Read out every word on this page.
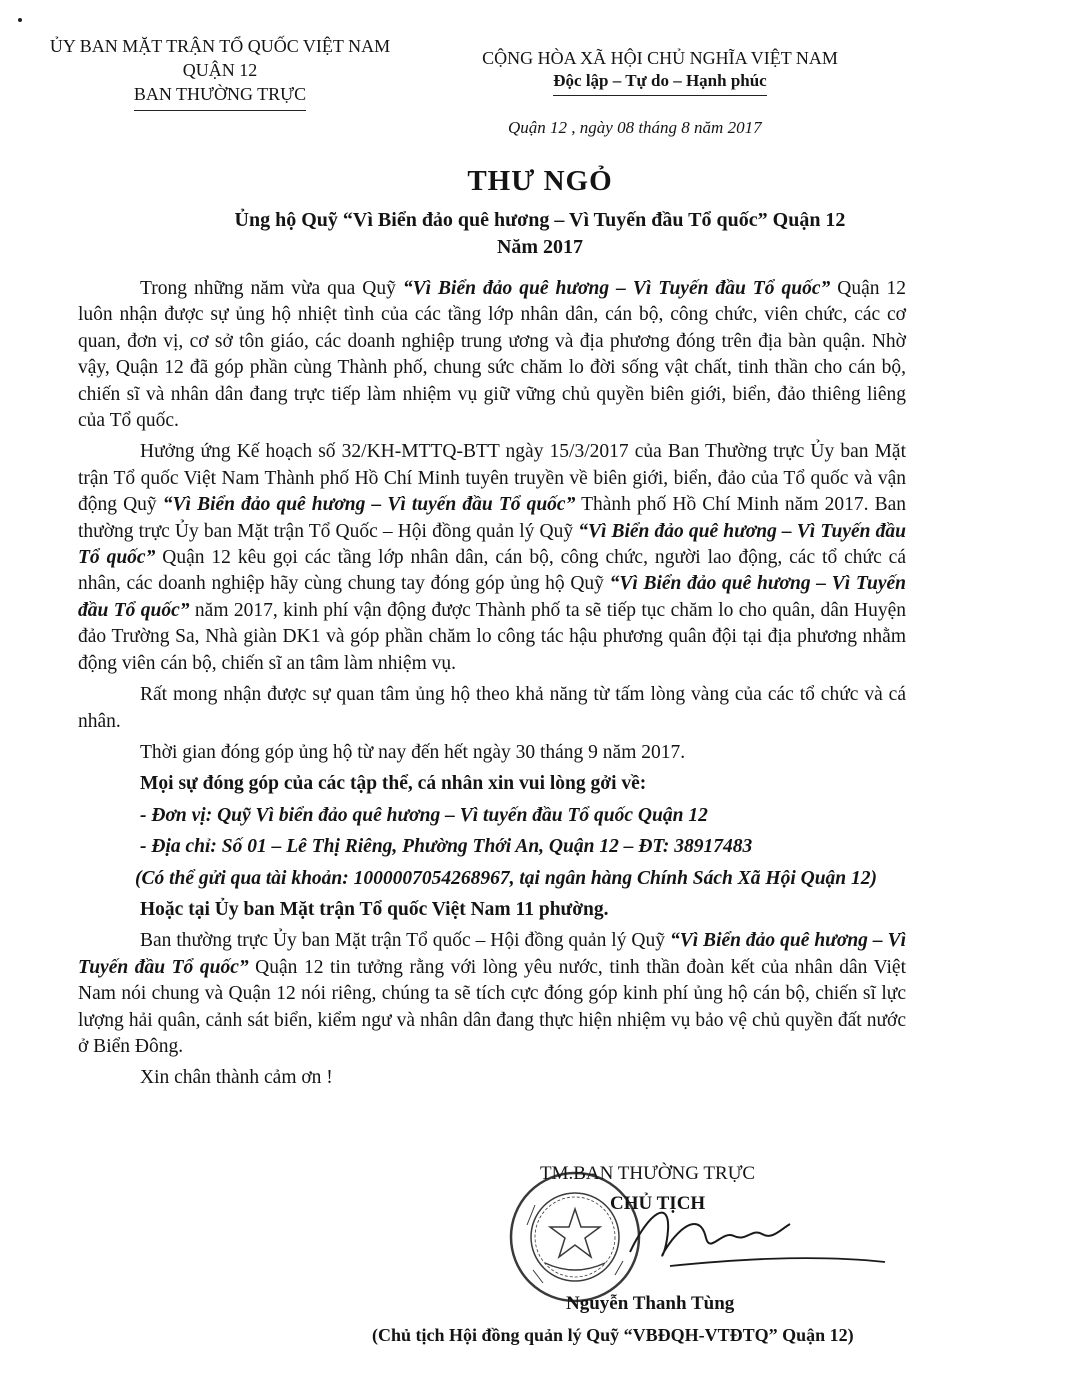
ỦY BAN MẶT TRẬN TỔ QUỐC VIỆT NAM
QUẬN 12
BAN THƯỜNG TRỰC
CỘNG HÒA XÃ HỘI CHỦ NGHĨA VIỆT NAM
Độc lập – Tự do – Hạnh phúc
Quận 12 , ngày 08 tháng 8 năm 2017
THƯ NGỎ
Ủng hộ Quỹ “Vì Biển đảo quê hương – Vì Tuyến đầu Tổ quốc” Quận 12
Năm 2017

Trong những năm vừa qua Quỹ “Vì Biển đảo quê hương – Vì Tuyến đầu Tổ quốc” Quận 12 luôn nhận được sự ủng hộ nhiệt tình của các tầng lớp nhân dân, cán bộ, công chức, viên chức, các cơ quan, đơn vị, cơ sở tôn giáo, các doanh nghiệp trung ương và địa phương đóng trên địa bàn quận. Nhờ vậy, Quận 12 đã góp phần cùng Thành phố, chung sức chăm lo đời sống vật chất, tinh thần cho cán bộ, chiến sĩ và nhân dân đang trực tiếp làm nhiệm vụ giữ vững chủ quyền biên giới, biển, đảo thiêng liêng của Tổ quốc.

Hưởng ứng Kế hoạch số 32/KH-MTTQ-BTT ngày 15/3/2017 của Ban Thường trực Ủy ban Mặt trận Tổ quốc Việt Nam Thành phố Hồ Chí Minh tuyên truyền về biên giới, biển, đảo của Tổ quốc và vận động Quỹ “Vì Biển đảo quê hương – Vì tuyến đầu Tổ quốc” Thành phố Hồ Chí Minh năm 2017. Ban thường trực Ủy ban Mặt trận Tổ Quốc – Hội đồng quản lý Quỹ “Vì Biển đảo quê hương – Vì Tuyến đầu Tổ quốc” Quận 12 kêu gọi các tầng lớp nhân dân, cán bộ, công chức, người lao động, các tổ chức cá nhân, các doanh nghiệp hãy cùng chung tay đóng góp ủng hộ Quỹ “Vì Biển đảo quê hương – Vì Tuyến đầu Tổ quốc” năm 2017, kinh phí vận động được Thành phố ta sẽ tiếp tục chăm lo cho quân, dân Huyện đảo Trường Sa, Nhà giàn DK1 và góp phần chăm lo công tác hậu phương quân đội tại địa phương nhằm động viên cán bộ, chiến sĩ an tâm làm nhiệm vụ.

Rất mong nhận được sự quan tâm ủng hộ theo khả năng từ tấm lòng vàng của các tổ chức và cá nhân.

Thời gian đóng góp ủng hộ từ nay đến hết ngày 30 tháng 9 năm 2017.

Mọi sự đóng góp của các tập thể, cá nhân xin vui lòng gởi về:

- Đơn vị: Quỹ Vì biển đảo quê hương – Vì tuyến đầu Tổ quốc Quận 12

- Địa chỉ: Số 01 – Lê Thị Riêng, Phường Thới An, Quận 12 – ĐT: 38917483

(Có thể gửi qua tài khoản: 1000007054268967, tại ngân hàng Chính Sách Xã Hội Quận 12)

Hoặc tại Ủy ban Mặt trận Tổ quốc Việt Nam 11 phường.

Ban thường trực Ủy ban Mặt trận Tổ quốc – Hội đồng quản lý Quỹ “Vì Biển đảo quê hương – Vì Tuyến đầu Tổ quốc” Quận 12 tin tưởng rằng với lòng yêu nước, tinh thần đoàn kết của nhân dân Việt Nam nói chung và Quận 12 nói riêng, chúng ta sẽ tích cực đóng góp kinh phí ủng hộ cán bộ, chiến sĩ lực lượng hải quân, cảnh sát biển, kiểm ngư và nhân dân đang thực hiện nhiệm vụ bảo vệ chủ quyền đất nước ở Biển Đông.

Xin chân thành cảm ơn !

TM.BAN THƯỜNG TRỰC
CHỦ TỊCH
Nguyễn Thanh Tùng
(Chủ tịch Hội đồng quản lý Quỹ “VBĐQH-VTĐTQ” Quận 12)
